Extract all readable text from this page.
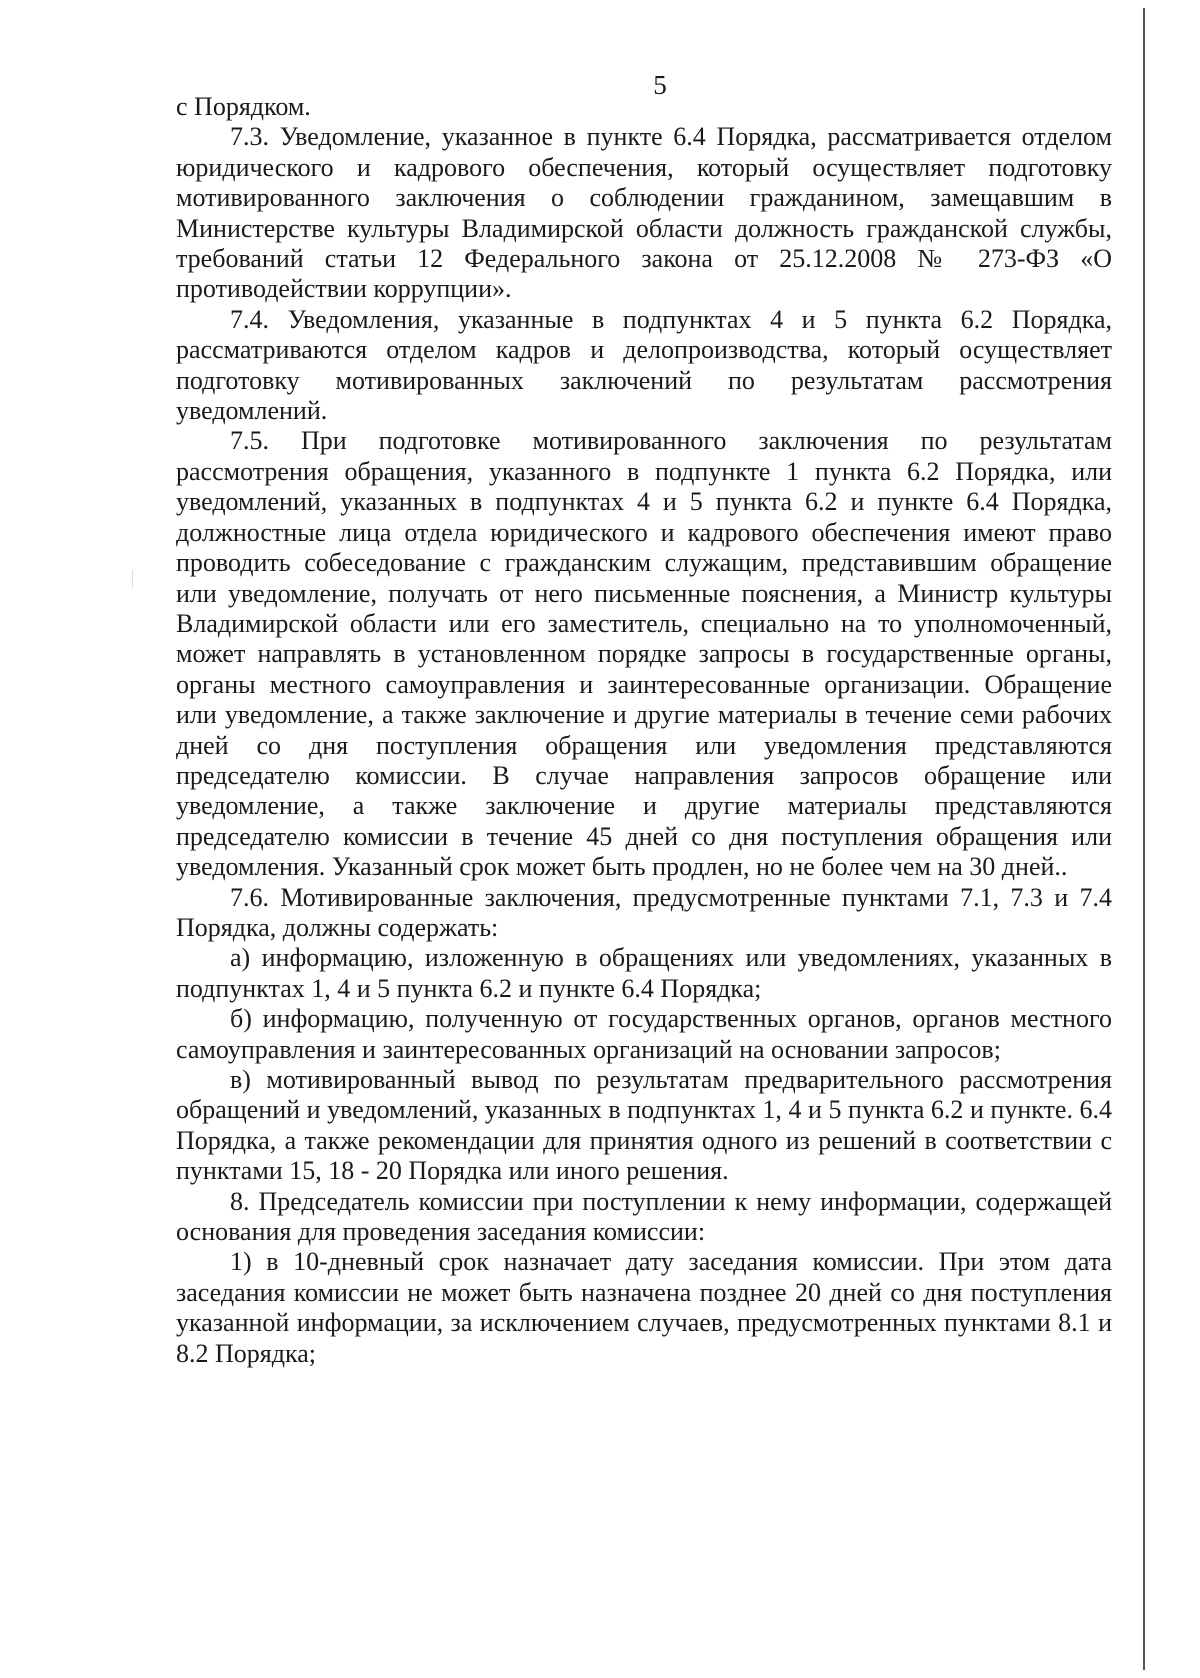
5

с Порядком.

7.3. Уведомление, указанное в пункте 6.4 Порядка, рассматривается отделом юридического и кадрового обеспечения, который осуществляет подготовку мотивированного заключения о соблюдении гражданином, замещавшим в Министерстве культуры Владимирской области должность гражданской службы, требований статьи 12 Федерального закона от 25.12.2008 № 273-ФЗ «О противодействии коррупции».

7.4. Уведомления, указанные в подпунктах 4 и 5 пункта 6.2 Порядка, рассматриваются отделом кадров и делопроизводства, который осуществляет подготовку мотивированных заключений по результатам рассмотрения уведомлений.

7.5. При подготовке мотивированного заключения по результатам рассмотрения обращения, указанного в подпункте 1 пункта 6.2 Порядка, или уведомлений, указанных в подпунктах 4 и 5 пункта 6.2 и пункте 6.4 Порядка, должностные лица отдела юридического и кадрового обеспечения имеют право проводить собеседование с гражданским служащим, представившим обращение или уведомление, получать от него письменные пояснения, а Министр культуры Владимирской области или его заместитель, специально на то уполномоченный, может направлять в установленном порядке запросы в государственные органы, органы местного самоуправления и заинтересованные организации. Обращение или уведомление, а также заключение и другие материалы в течение семи рабочих дней со дня поступления обращения или уведомления представляются председателю комиссии. В случае направления запросов обращение или уведомление, а также заключение и другие материалы представляются председателю комиссии в течение 45 дней со дня поступления обращения или уведомления. Указанный срок может быть продлен, но не более чем на 30 дней..

7.6. Мотивированные заключения, предусмотренные пунктами 7.1, 7.3 и 7.4 Порядка, должны содержать:

а) информацию, изложенную в обращениях или уведомлениях, указанных в подпунктах 1, 4 и 5 пункта 6.2 и пункте 6.4 Порядка;

б) информацию, полученную от государственных органов, органов местного самоуправления и заинтересованных организаций на основании запросов;

в) мотивированный вывод по результатам предварительного рассмотрения обращений и уведомлений, указанных в подпунктах 1, 4 и 5 пункта 6.2 и пункте. 6.4 Порядка, а также рекомендации для принятия одного из решений в соответствии с пунктами 15, 18 - 20 Порядка или иного решения.

8. Председатель комиссии при поступлении к нему информации, содержащей основания для проведения заседания комиссии:

1) в 10-дневный срок назначает дату заседания комиссии. При этом дата заседания комиссии не может быть назначена позднее 20 дней со дня поступления указанной информации, за исключением случаев, предусмотренных пунктами 8.1 и 8.2 Порядка;
